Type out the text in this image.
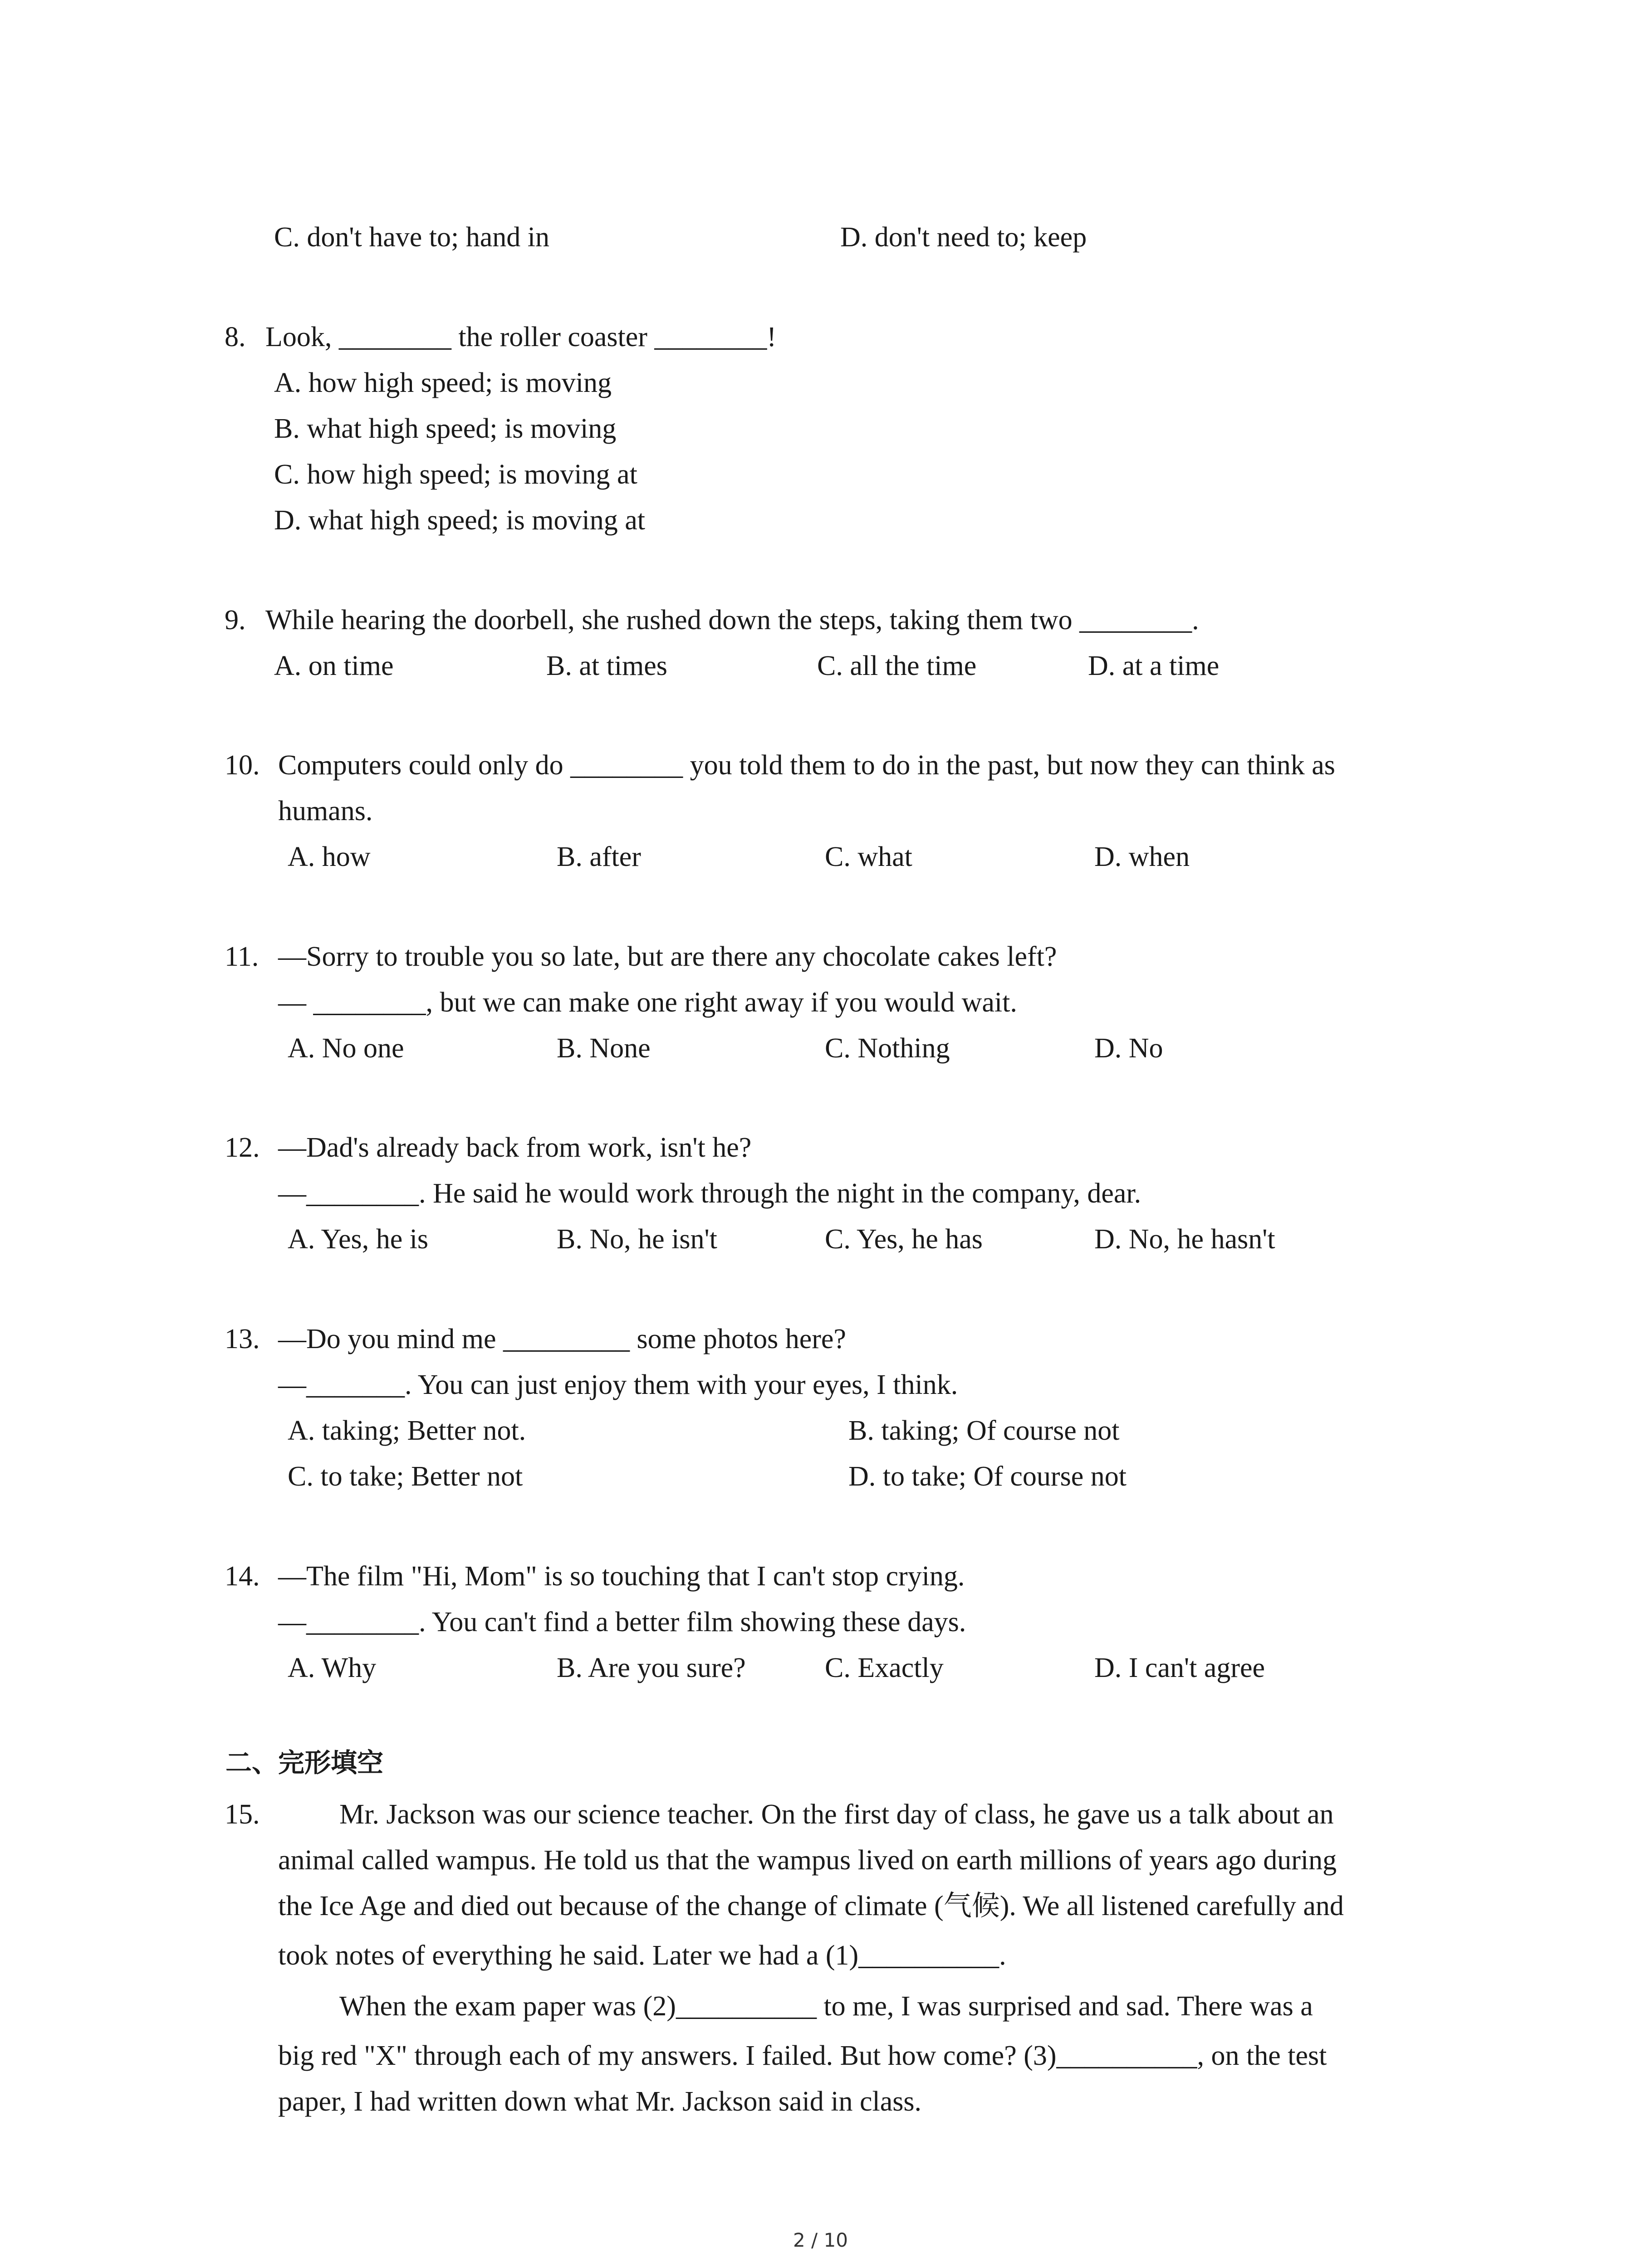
C. don't have to; hand in	D. don't need to; keep
8. Look, ________ the roller coaster ________!
A. how high speed; is moving
B. what high speed; is moving
C. how high speed; is moving at
D. what high speed; is moving at
9. While hearing the doorbell, she rushed down the steps, taking them two ________.
A. on time	B. at times	C. all the time	D. at a time
10. Computers could only do ________ you told them to do in the past, but now they can think as
humans.
A. how	B. after	C. what	D. when
11. —Sorry to trouble you so late, but are there any chocolate cakes left?
— ________, but we can make one right away if you would wait.
A. No one	B. None	C. Nothing	D. No
12. —Dad's already back from work, isn't he?
—________. He said he would work through the night in the company, dear.
A. Yes, he is	B. No, he isn't	C. Yes, he has	D. No, he hasn't
13. —Do you mind me _________ some photos here?
—_______. You can just enjoy them with your eyes, I think.
A. taking; Better not.	B. taking; Of course not
C. to take; Better not	D. to take; Of course not
14. —The film "Hi, Mom" is so touching that I can't stop crying.
—________. You can't find a better film showing these days.
A. Why	B. Are you sure?	C. Exactly	D. I can't agree
二、完形填空
15.	Mr. Jackson was our science teacher. On the first day of class, he gave us a talk about an
animal called wampus. He told us that the wampus lived on earth millions of years ago during
the Ice Age and died out because of the change of climate (气候). We all listened carefully and
took notes of everything he said. Later we had a (1)__________.
When the exam paper was (2)__________ to me, I was surprised and sad. There was a
big red "X" through each of my answers. I failed. But how come? (3)__________, on the test
paper, I had written down what Mr. Jackson said in class.
2 / 10
